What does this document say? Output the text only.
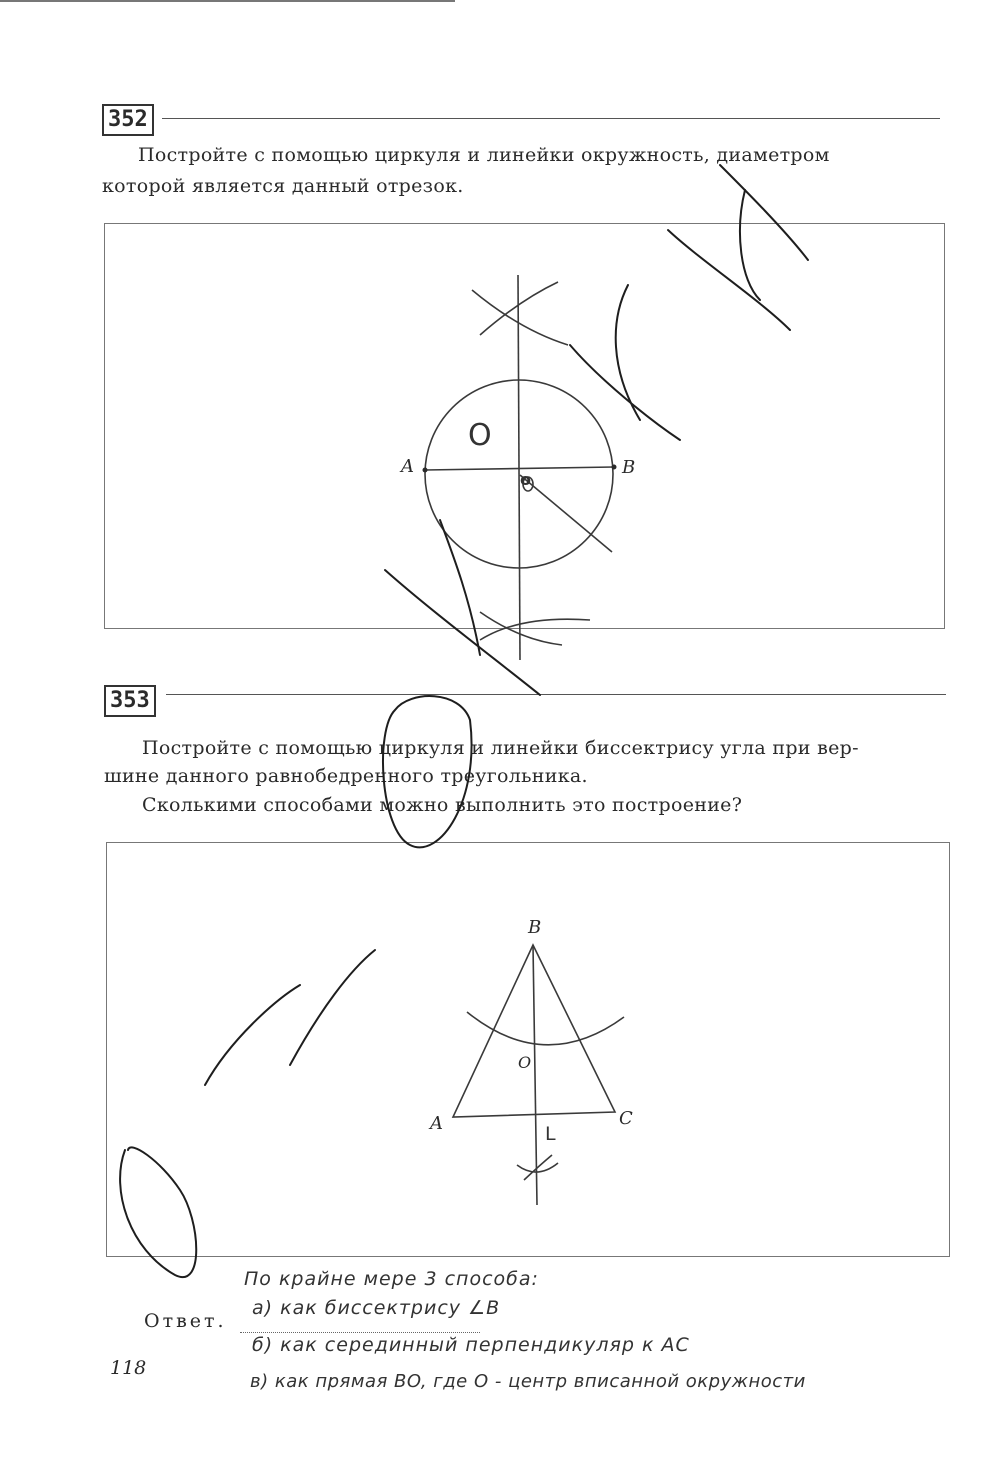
352
Постройте с помощью циркуля и линейки окружность, диаметром
которой является данный отрезок.
353
Постройте с помощью циркуля и линейки биссектрису угла при вер-
шине данного равнобедренного треугольника.
Сколькими способами можно выполнить это построение?
A	B
O
o
B
A	C
O
L
По крайне мере 3 способа:
а) как биссектрису ∠B
Ответ.
б) как серединный перпендикуляр к AC
в) как прямая BO, где O - центр вписанной окружности
118
